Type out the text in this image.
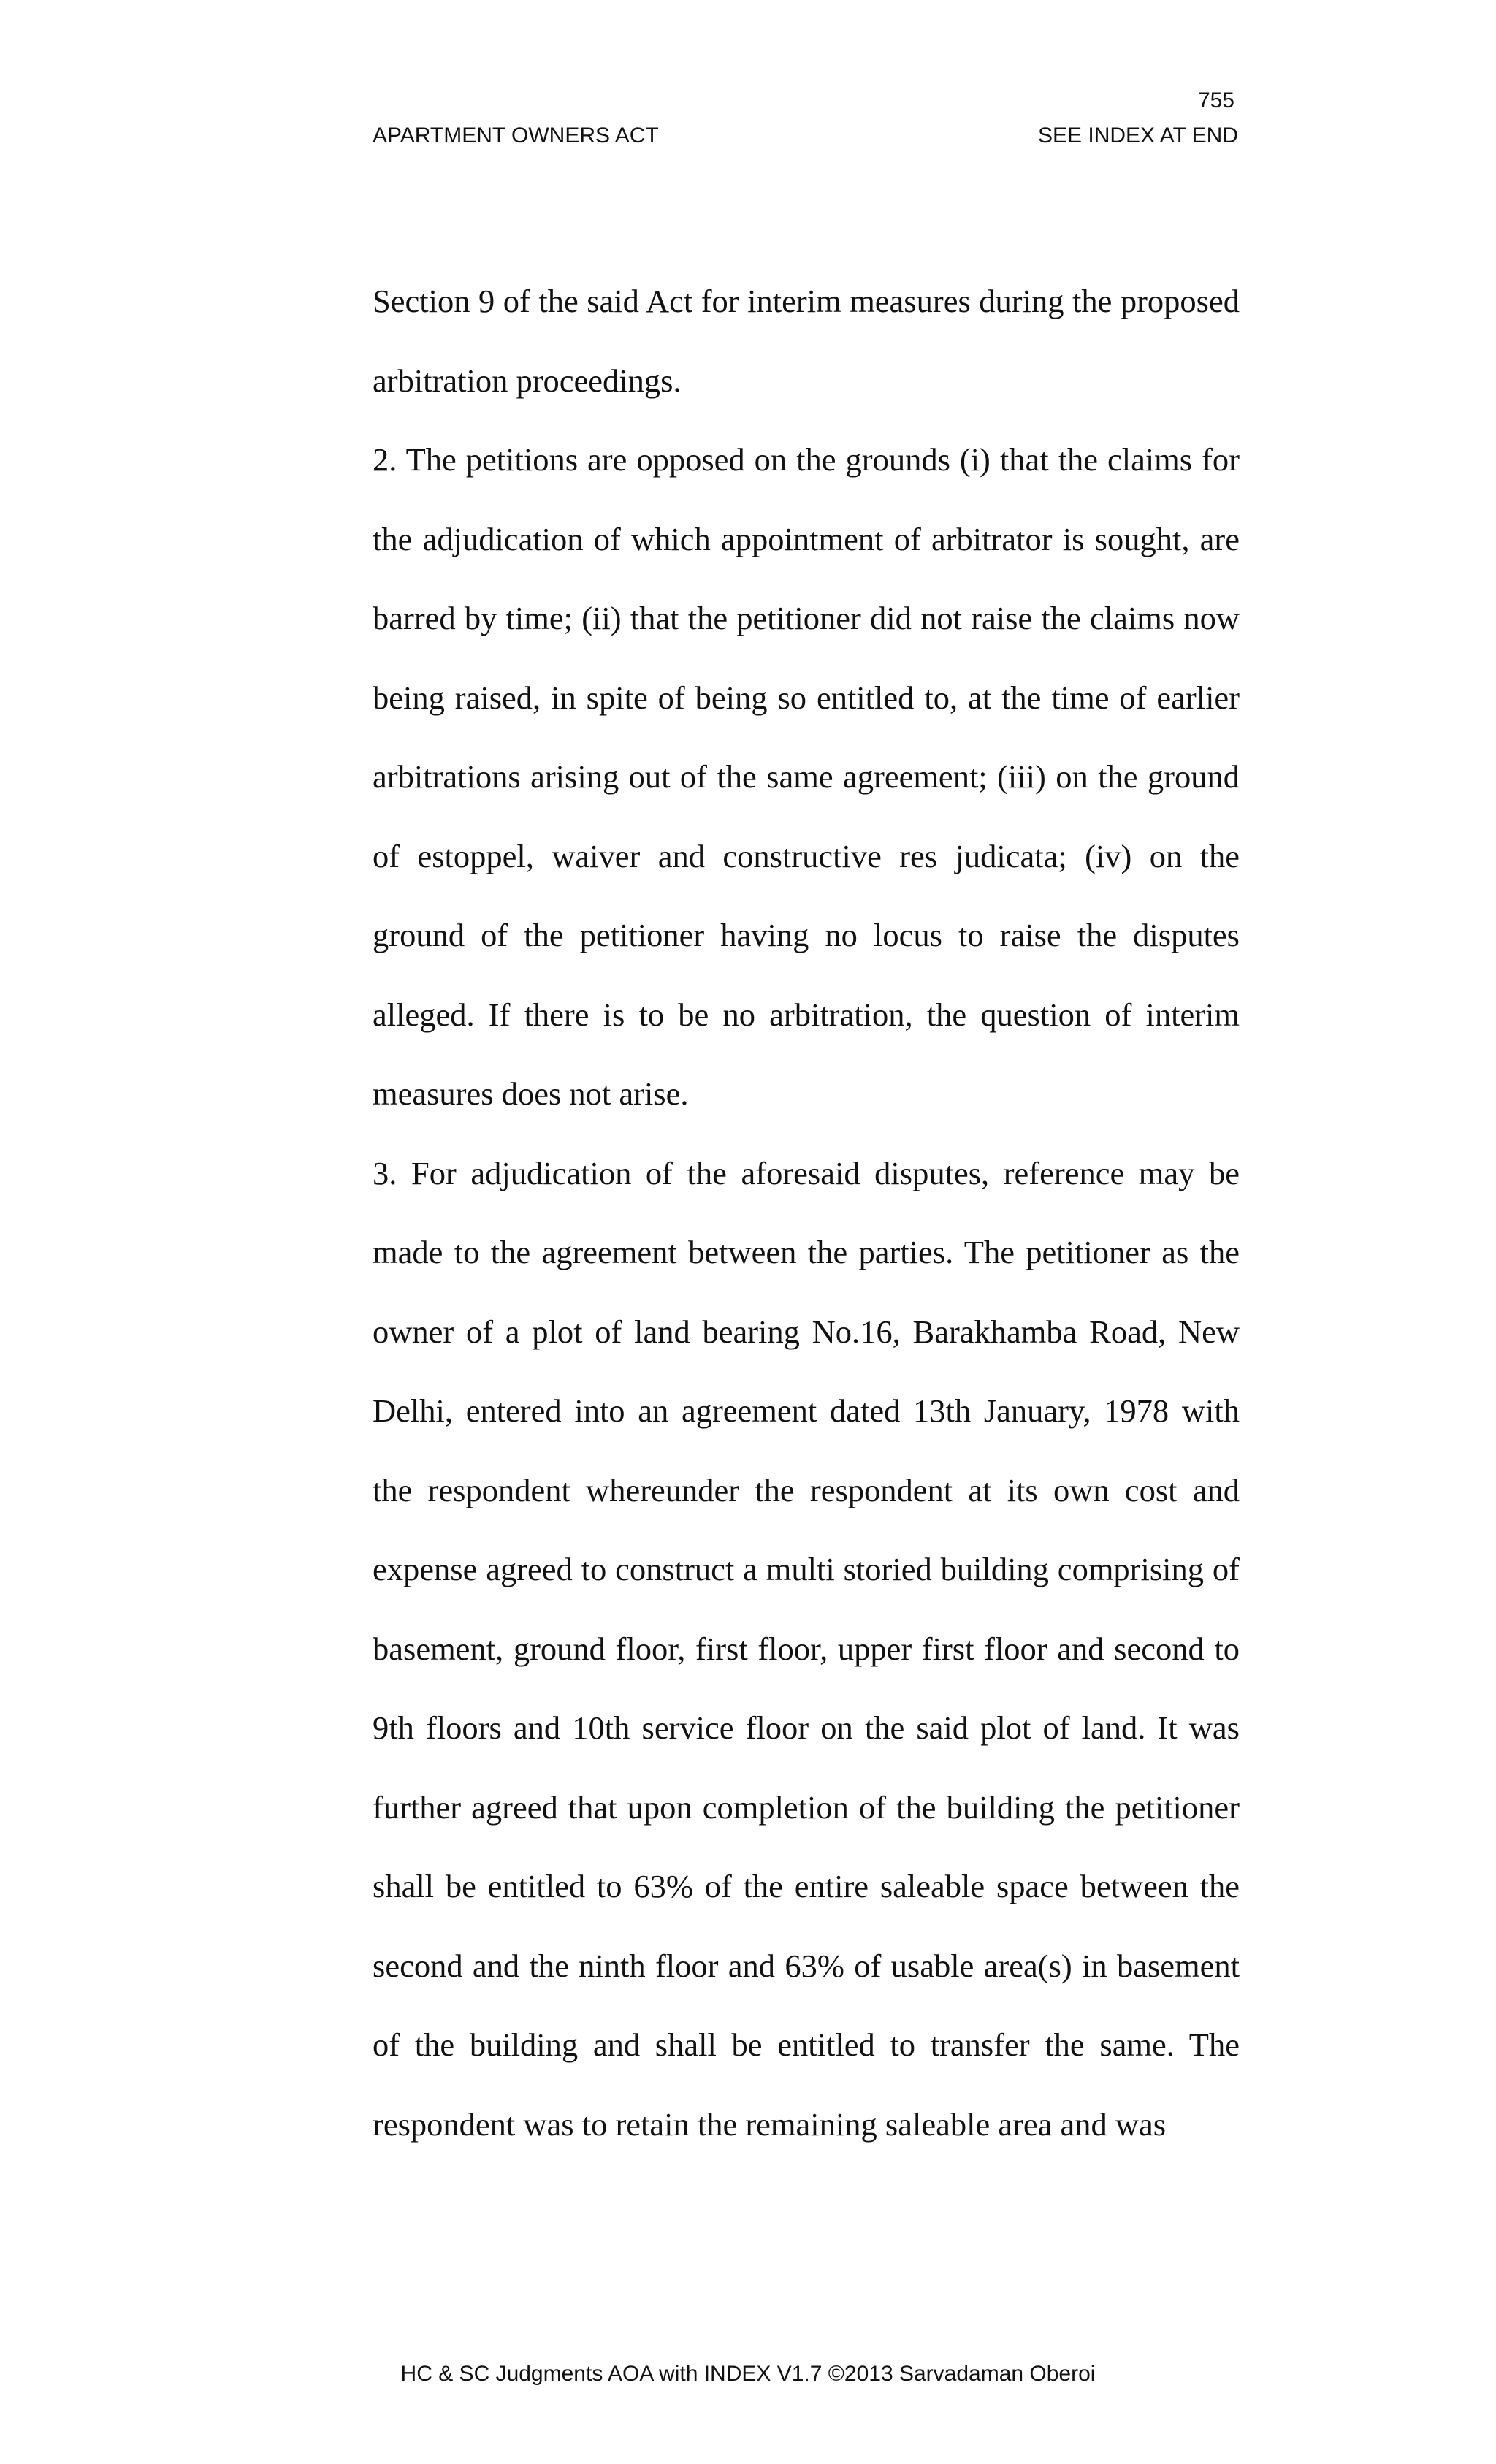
755
APARTMENT OWNERS ACT	SEE INDEX AT END

Section 9 of the said Act for interim measures during the proposed arbitration proceedings.

2. The petitions are opposed on the grounds (i) that the claims for the adjudication of which appointment of arbitrator is sought, are barred by time; (ii) that the petitioner did not raise the claims now being raised, in spite of being so entitled to, at the time of earlier arbitrations arising out of the same agreement; (iii) on the ground of estoppel, waiver and constructive res judicata; (iv) on the ground of the petitioner having no locus to raise the disputes alleged. If there is to be no arbitration, the question of interim measures does not arise.

3. For adjudication of the aforesaid disputes, reference may be made to the agreement between the parties. The petitioner as the owner of a plot of land bearing No.16, Barakhamba Road, New Delhi, entered into an agreement dated 13th January, 1978 with the respondent whereunder the respondent at its own cost and expense agreed to construct a multi storied building comprising of basement, ground floor, first floor, upper first floor and second to 9th floors and 10th service floor on the said plot of land. It was further agreed that upon completion of the building the petitioner shall be entitled to 63% of the entire saleable space between the second and the ninth floor and 63% of usable area(s) in basement of the building and shall be entitled to transfer the same. The respondent was to retain the remaining saleable area and was

HC & SC Judgments AOA with INDEX V1.7 ©2013 Sarvadaman Oberoi
